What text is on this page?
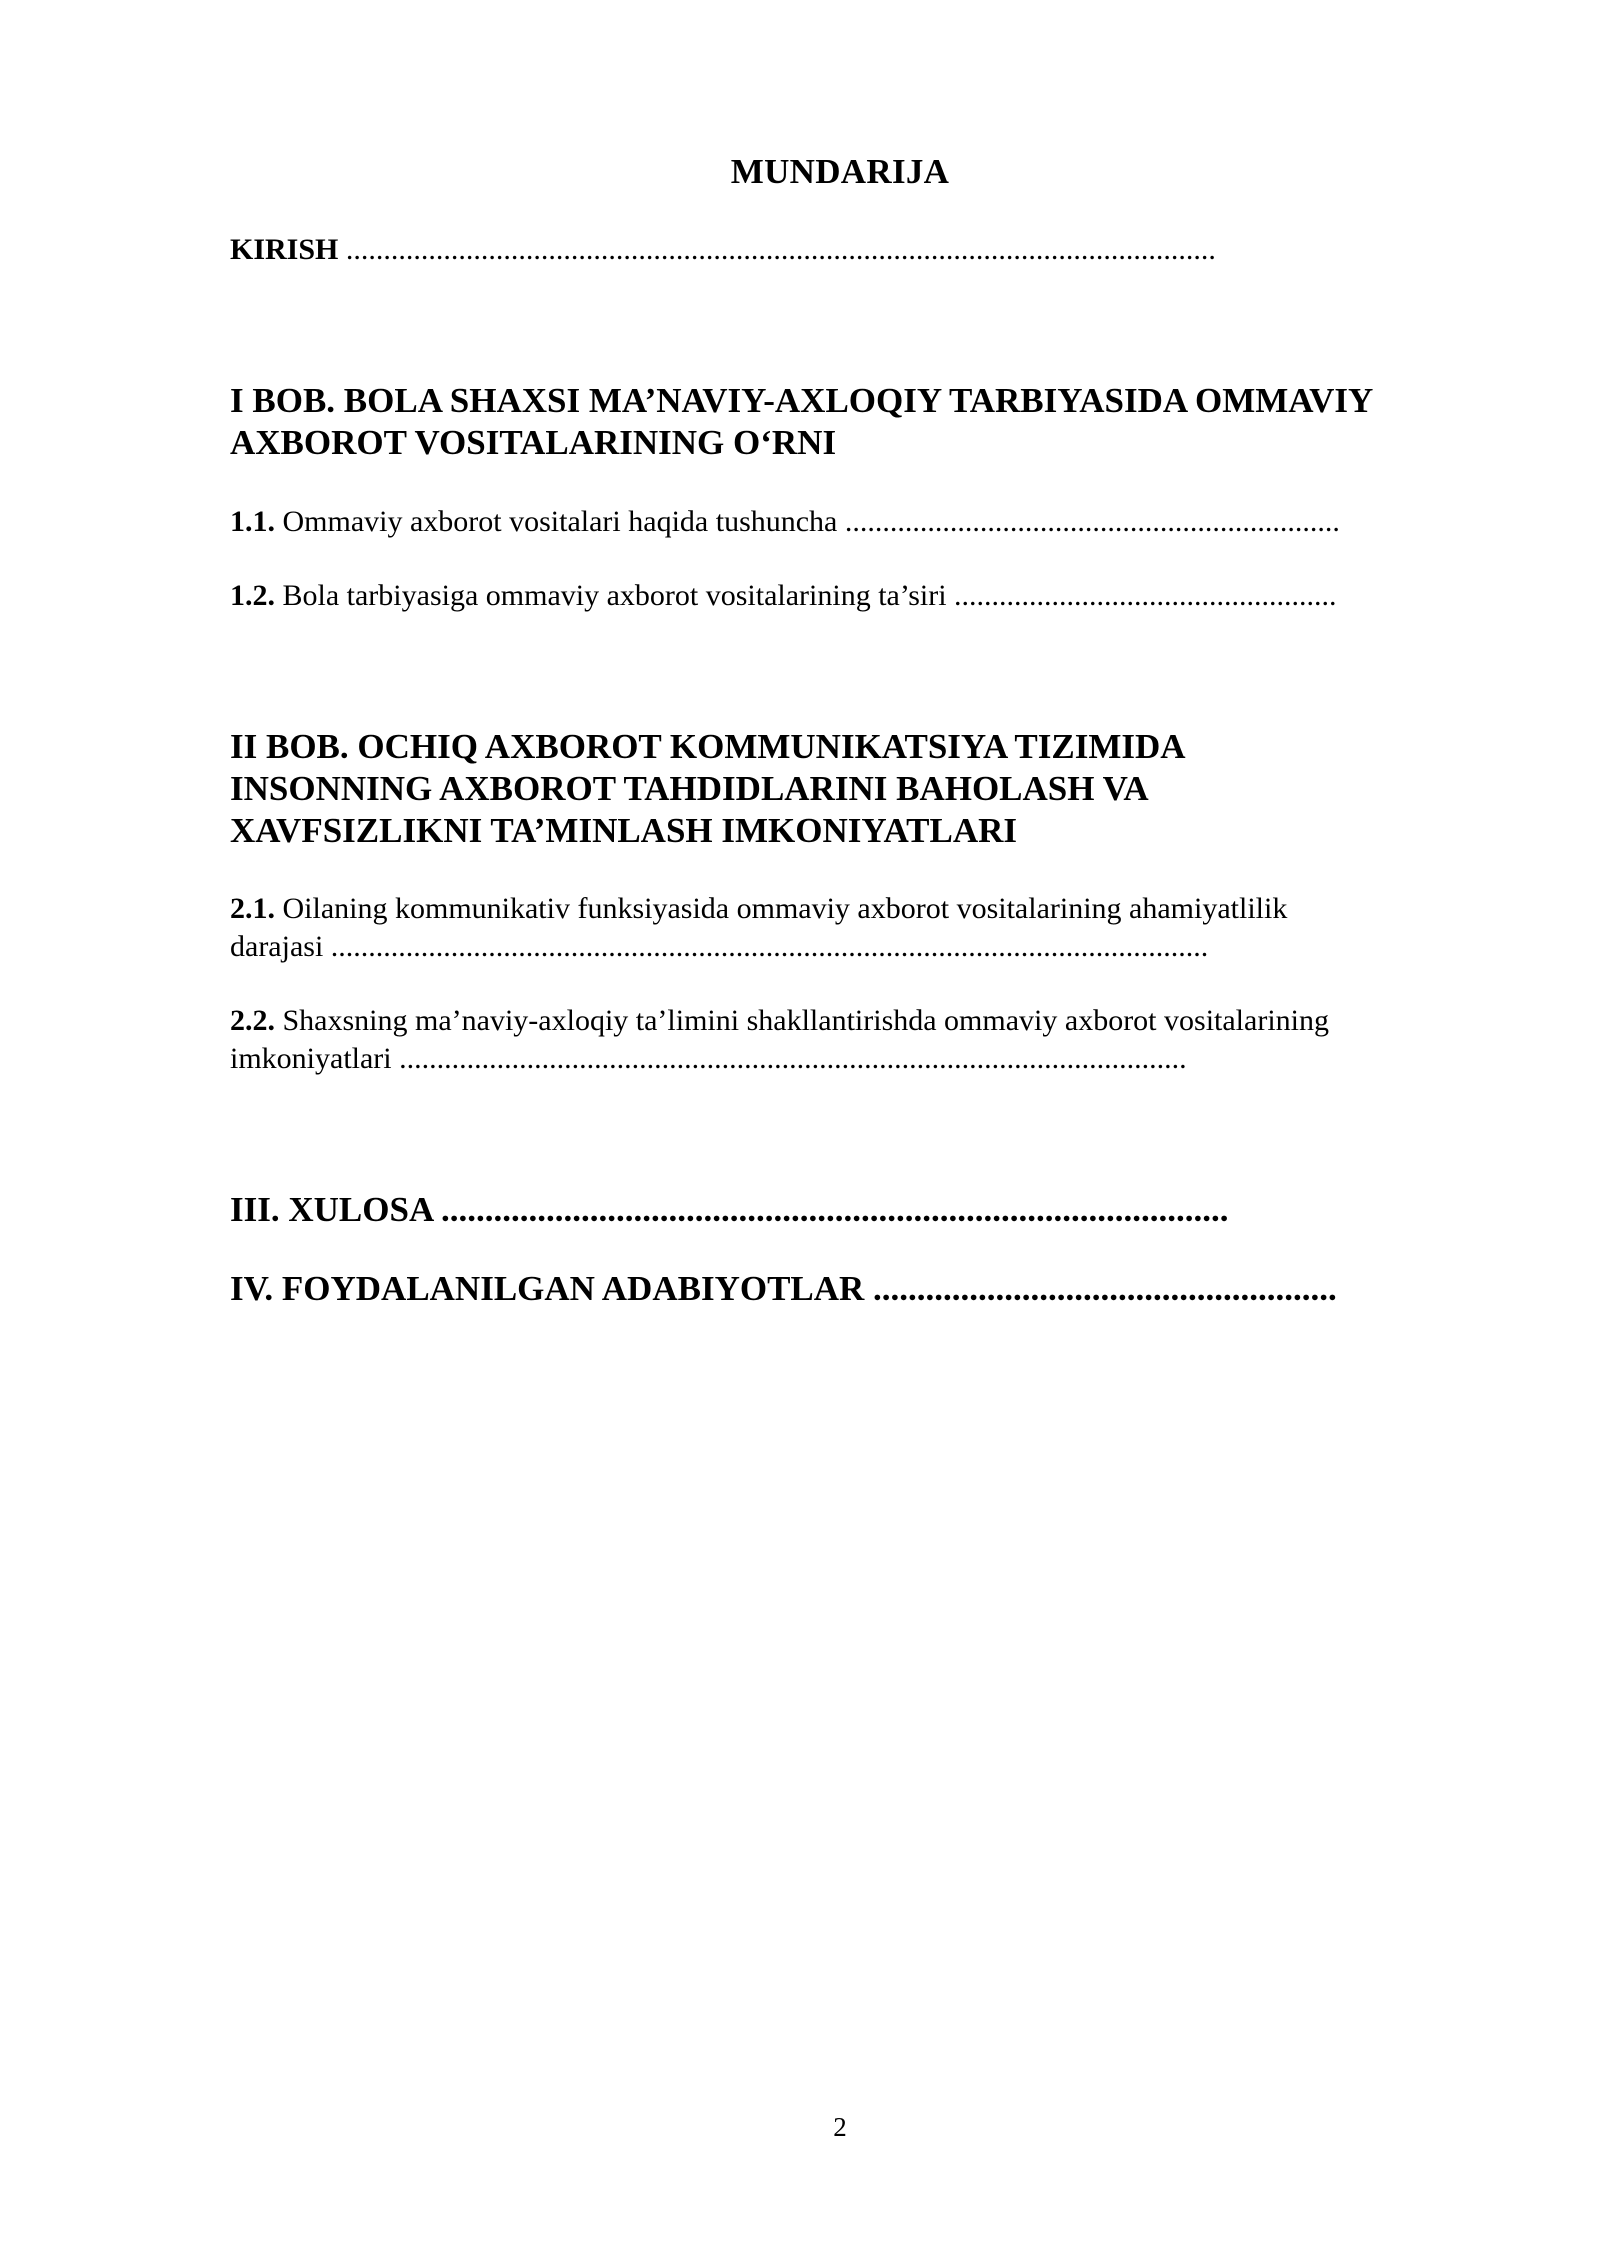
MUNDARIJA
KIRISH ....................................................................................................................
I BOB. BOLA SHAXSI MA’NAVIY-AXLOQIY TARBIYASIDA OMMAVIY
AXBOROT VOSITALARINING O‘RNI
1.1. Ommaviy axborot vositalari haqida tushuncha ..................................................................
1.2. Bola tarbiyasiga ommaviy axborot vositalarining ta’siri ...................................................
II BOB. OCHIQ AXBOROT KOMMUNIKATSIYA TIZIMIDA
INSONNING AXBOROT TAHDIDLARINI BAHOLASH VA
XAVFSIZLIKNI TA’MINLASH IMKONIYATLARI
2.1. Oilaning kommunikativ funksiyasida ommaviy axborot vositalarining ahamiyatlilik
darajasi .....................................................................................................................
2.2. Shaxsning ma’naviy-axloqiy ta’limini shakllantirishda ommaviy axborot vositalarining
imkoniyatlari .........................................................................................................
III. XULOSA ..........................................................................................
IV. FOYDALANILGAN ADABIYOTLAR .....................................................
2
